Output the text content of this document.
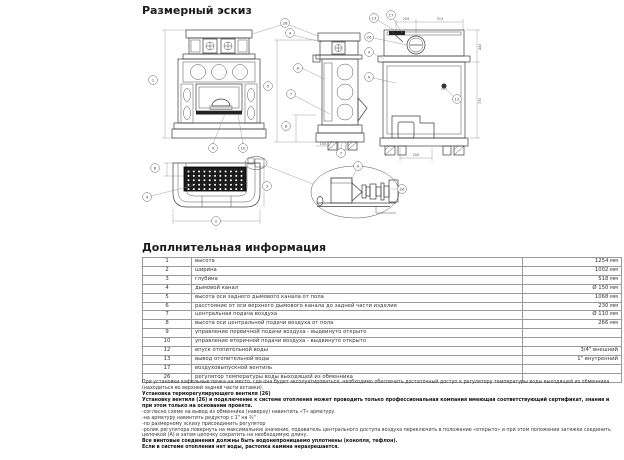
Размерный эскиз
1
9	10
26
4
5
150
A
7
8
7
204	313
12
440
730
200
13
17
26
4
A
6
4
2
3
A
26
Доплнительная информация
1	высота	1254 мм
2	ширина	1002 мм
3	глубина	518 мм
4	дымовой канал	Ø 150 мм
5	высота оси заднего дымового канала от пола	1068 мм
6	расстояние от оси верхнего дымового канала до задней части изделия	230 мм
7	центральная подача воздуха	Ø 110 мм
8	высота оси центральной подачи воздуха от пола	266 мм
9	управление первичной подачи воздуха - выдвинуто открыто	
10	управление вторичной подачи воздуха - выдвинуто открыто	
12	впуск отопительной воды	3/4" внешний
13	вывод отопительной воды	1" внутренний
17	воздуховыпускной вентиль	
26	регулятор температуры воды выходящей из обменника	
При установки кафельные печка на место, где она будет эксплуатироваться, необходимо обеспечить достаточный доступ к регулятору температуры воды выходящей из обменника (находиться во верхней задней части вставки).
Установка терморегулирующего вентиля (26)
Установку вентиля (26) и подключение к системе отопления может проводить только профессиональная компания имеющая соответствующий сертификат, знания и при этом только на основании проекта.
-согласно схеме на вывод из обменника (наверху) навинтить «Т» арматуру.
-на арматуру навинтить редуктор с 1" на ¾"
-по размерному эскизу присоединить регулятор
-ролик регулятора повернуть на максимальное значение, подаватель центрального доступа воздуха переключить в положение «открыто» и при этом положении затяжки соединить цепочкой (А) и затем цепочку сократить на необходимую длину.
Все винтовые соединения должны быть водонепроницаемо уплотнены (конопля, тефлон).
Если в системе отопления нет воды, растопка камина неразрешается.
